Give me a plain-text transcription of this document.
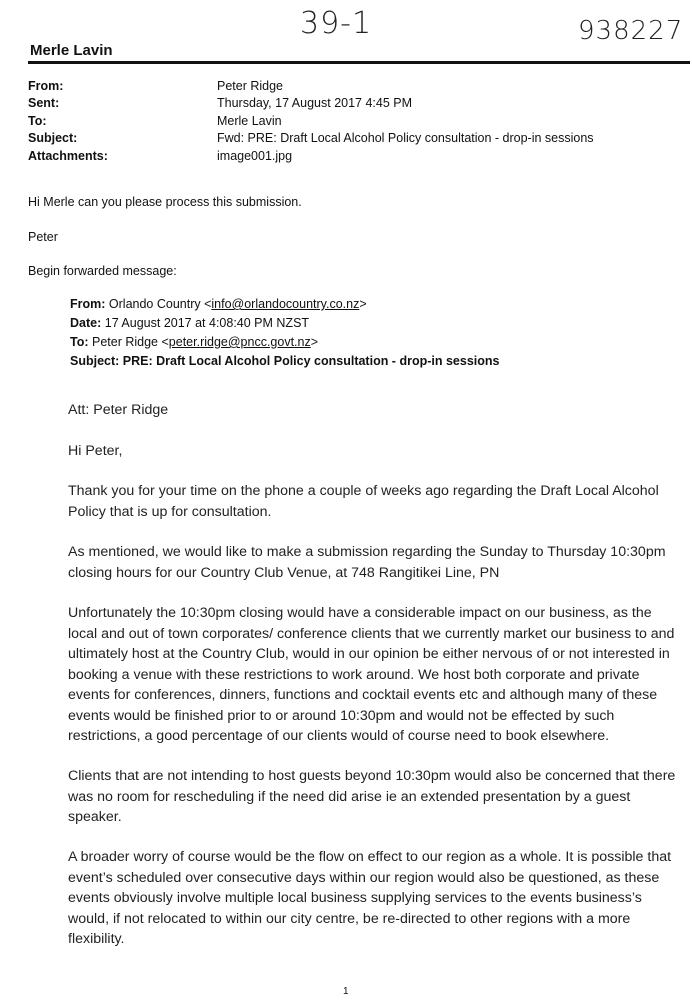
39-1	938227
Merle Lavin
From:	Peter Ridge
Sent:	Thursday, 17 August 2017 4:45 PM
To:	Merle Lavin
Subject:	Fwd: PRE: Draft Local Alcohol Policy consultation - drop-in sessions
Attachments:	image001.jpg
Hi Merle can you please process this submission.
Peter
Begin forwarded message:
From: Orlando Country <info@orlandocountry.co.nz>
Date: 17 August 2017 at 4:08:40 PM NZST
To: Peter Ridge <peter.ridge@pncc.govt.nz>
Subject: PRE: Draft Local Alcohol Policy consultation - drop-in sessions
Att: Peter Ridge
Hi Peter,
Thank you for your time on the phone a couple of weeks ago regarding the Draft Local Alcohol Policy that is up for consultation.
As mentioned, we would like to make a submission regarding the Sunday to Thursday 10:30pm closing hours for our Country Club Venue, at 748 Rangitikei Line, PN
Unfortunately the 10:30pm closing would have a considerable impact on our business, as the local and out of town corporates/ conference clients that we currently market our business to and ultimately host at the Country Club, would in our opinion be either nervous of or not interested in booking a venue with these restrictions to work around. We host both corporate and private events for conferences, dinners, functions and cocktail events etc and although many of these events would be finished prior to or around 10:30pm and would not be effected by such restrictions, a good percentage of our clients would of course need to book elsewhere.
Clients that are not intending to host guests beyond 10:30pm would also be concerned that there was no room for rescheduling if the need did arise ie an extended presentation by a guest speaker.
A broader worry of course would be the flow on effect to our region as a whole. It is possible that event’s scheduled over consecutive days within our region would also be questioned, as these events obviously involve multiple local business supplying services to the events business’s would, if not relocated to within our city centre, be re-directed to other regions with a more flexibility.
1
